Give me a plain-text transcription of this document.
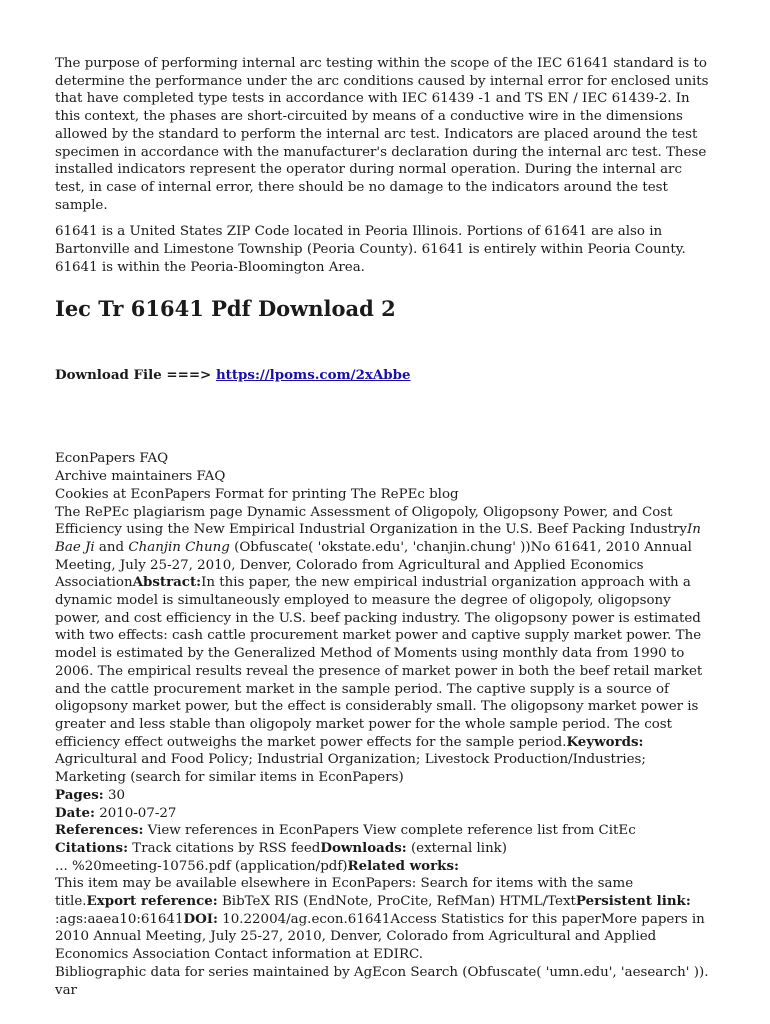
The purpose of performing internal arc testing within the scope of the IEC 61641 standard is to determine the performance under the arc conditions caused by internal error for enclosed units that have completed type tests in accordance with IEC 61439 -1 and TS EN / IEC 61439-2. In this context, the phases are short-circuited by means of a conductive wire in the dimensions allowed by the standard to perform the internal arc test. Indicators are placed around the test specimen in accordance with the manufacturer's declaration during the internal arc test. These installed indicators represent the operator during normal operation. During the internal arc test, in case of internal error, there should be no damage to the indicators around the test sample.

61641 is a United States ZIP Code located in Peoria Illinois. Portions of 61641 are also in Bartonville and Limestone Township (Peoria County). 61641 is entirely within Peoria County. 61641 is within the Peoria-Bloomington Area.

Iec Tr 61641 Pdf Download 2
Download File ===> https://lpoms.com/2xAbbe
EconPapers FAQ
Archive maintainers FAQ
Cookies at EconPapers Format for printing The RePEc blog
The RePEc plagiarism page Dynamic Assessment of Oligopoly, Oligopsony Power, and Cost Efficiency using the New Empirical Industrial Organization in the U.S. Beef Packing IndustryIn Bae Ji and Chanjin Chung (Obfuscate( 'okstate.edu', 'chanjin.chung' ))No 61641, 2010 Annual Meeting, July 25-27, 2010, Denver, Colorado from Agricultural and Applied Economics AssociationAbstract:In this paper, the new empirical industrial organization approach with a dynamic model is simultaneously employed to measure the degree of oligopoly, oligopsony power, and cost efficiency in the U.S. beef packing industry. The oligopsony power is estimated with two effects: cash cattle procurement market power and captive supply market power. The model is estimated by the Generalized Method of Moments using monthly data from 1990 to 2006. The empirical results reveal the presence of market power in both the beef retail market and the cattle procurement market in the sample period. The captive supply is a source of oligopsony market power, but the effect is considerably small. The oligopsony market power is greater and less stable than oligopoly market power for the whole sample period. The cost efficiency effect outweighs the market power effects for the sample period.Keywords: Agricultural and Food Policy; Industrial Organization; Livestock Production/Industries; Marketing (search for similar items in EconPapers)
Pages: 30
Date: 2010-07-27
References: View references in EconPapers View complete reference list from CitEc
Citations: Track citations by RSS feedDownloads: (external link)
... %20meeting-10756.pdf (application/pdf)Related works:
This item may be available elsewhere in EconPapers: Search for items with the same title.Export reference: BibTeX RIS (EndNote, ProCite, RefMan) HTML/TextPersistent link:
:ags:aaea10:61641DOI: 10.22004/ag.econ.61641Access Statistics for this paperMore papers in 2010 Annual Meeting, July 25-27, 2010, Denver, Colorado from Agricultural and Applied Economics Association Contact information at EDIRC.
Bibliographic data for series maintained by AgEcon Search (Obfuscate( 'umn.edu', 'aesearch' )). var
